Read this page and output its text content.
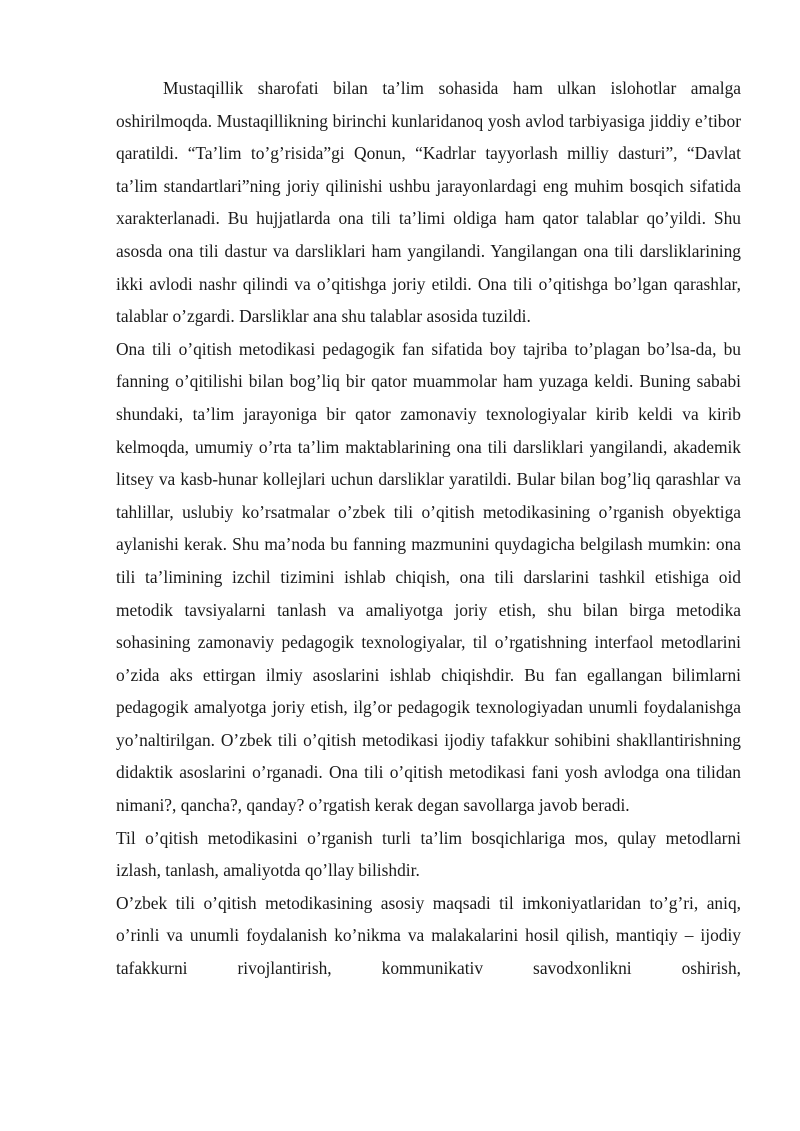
Mustaqillik sharofati bilan ta’lim sohasida ham ulkan islohotlar amalga oshirilmoqda. Mustaqillikning birinchi kunlaridanoq yosh avlod tarbiyasiga jiddiy e’tibor qaratildi. “Ta’lim to’g’risida”gi Qonun, “Kadrlar tayyorlash milliy dasturi”, “Davlat ta’lim standartlari”ning joriy qilinishi ushbu jarayonlardagi eng muhim bosqich sifatida xarakterlanadi. Bu hujjatlarda ona tili ta’limi oldiga ham qator talablar qo’yildi. Shu asosda ona tili dastur va darsliklari ham yangilandi. Yangilangan ona tili darsliklarining ikki avlodi nashr qilindi va o’qitishga joriy etildi. Ona tili o’qitishga bo’lgan qarashlar, talablar o’zgardi. Darsliklar ana shu talablar asosida tuzildi.

Ona tili o’qitish metodikasi pedagogik fan sifatida boy tajriba to’plagan bo’lsa-da, bu fanning o’qitilishi bilan bog’liq bir qator muammolar ham yuzaga keldi. Buning sababi shundaki, ta’lim jarayoniga bir qator zamonaviy texnologiyalar kirib keldi va kirib kelmoqda, umumiy o’rta ta’lim maktablarining ona tili darsliklari yangilandi, akademik litsey va kasb-hunar kollejlari uchun darsliklar yaratildi. Bular bilan bog’liq qarashlar va tahlillar, uslubiy ko’rsatmalar o’zbek tili o’qitish metodikasining o’rganish obyektiga aylanishi kerak. Shu ma’noda bu fanning mazmunini quydagicha belgilash mumkin: ona tili ta’limining izchil tizimini ishlab chiqish, ona tili darslarini tashkil etishiga oid metodik tavsiyalarni tanlash va amaliyotga joriy etish, shu bilan birga metodika sohasining zamonaviy pedagogik texnologiyalar, til o’rgatishning interfaol metodlarini o’zida aks ettirgan ilmiy asoslarini ishlab chiqishdir. Bu fan egallangan bilimlarni pedagogik amalyotga joriy etish, ilg’or pedagogik texnologiyadan unumli foydalanishga yo’naltirilgan. O’zbek tili o’qitish metodikasi ijodiy tafakkur sohibini shakllantirishning didaktik asoslarini o’rganadi. Ona tili o’qitish metodikasi fani yosh avlodga ona tilidan nimani?, qancha?, qanday? o’rgatish kerak degan savollarga javob beradi.

Til o’qitish metodikasini o’rganish turli ta’lim bosqichlariga mos, qulay metodlarni izlash, tanlash, amaliyotda qo’llay bilishdir.

O’zbek tili o’qitish metodikasining asosiy maqsadi til imkoniyatlaridan to’g’ri, aniq, o’rinli va unumli foydalanish ko’nikma va malakalarini hosil qilish, mantiqiy – ijodiy tafakkurni rivojlantirish, kommunikativ savodxonlikni oshirish,
